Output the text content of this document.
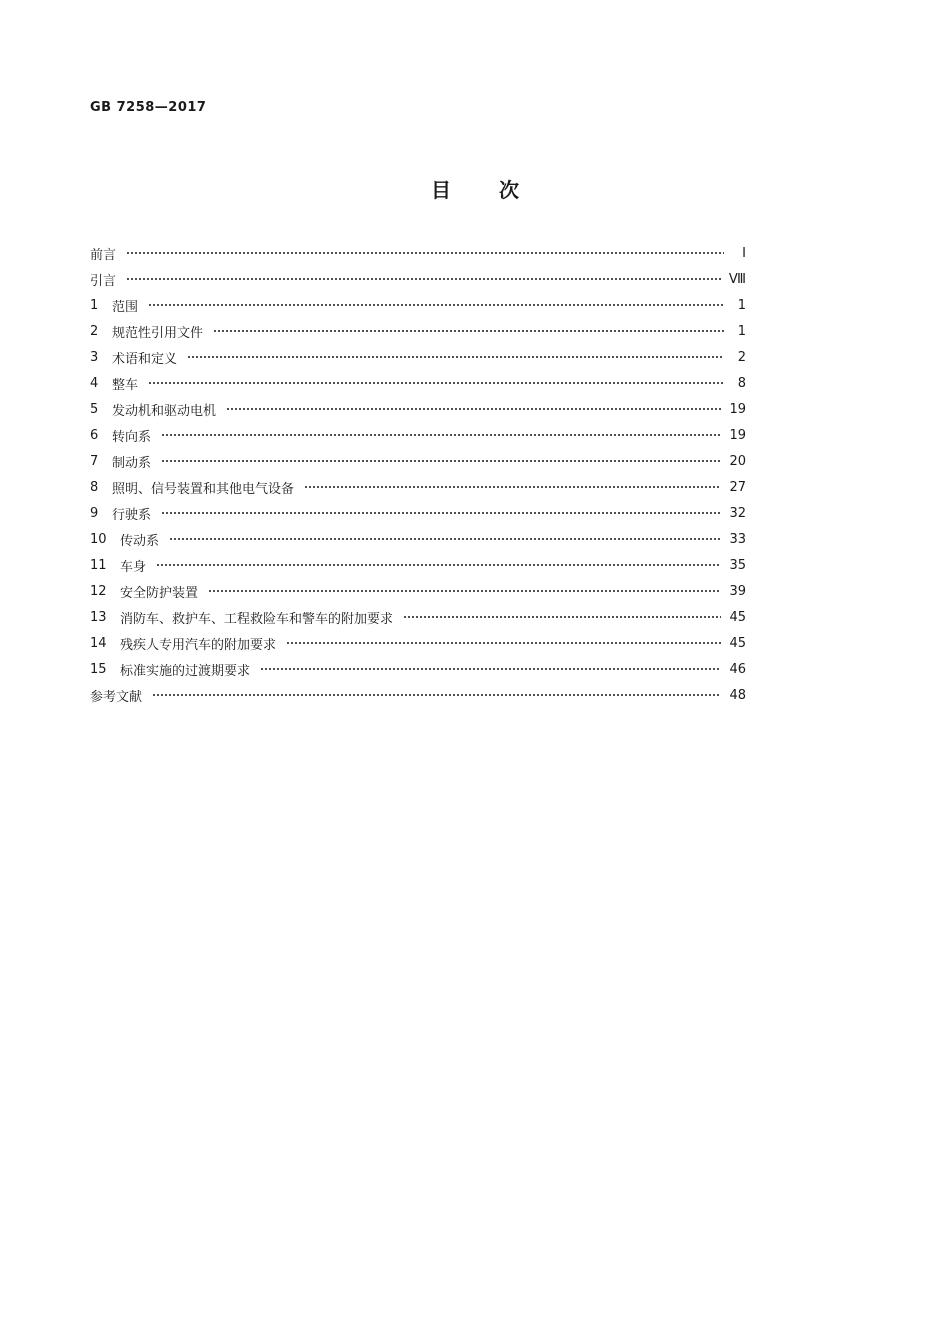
GB 7258—2017
目 次
前言	Ⅰ
引言	Ⅷ
1	范围	1
2	规范性引用文件	1
3	术语和定义	2
4	整车	8
5	发动机和驱动电机	19
6	转向系	19
7	制动系	20
8	照明、信号装置和其他电气设备	27
9	行驶系	32
10	传动系	33
11	车身	35
12	安全防护装置	39
13	消防车、救护车、工程救险车和警车的附加要求	45
14	残疾人专用汽车的附加要求	45
15	标准实施的过渡期要求	46
参考文献	48
